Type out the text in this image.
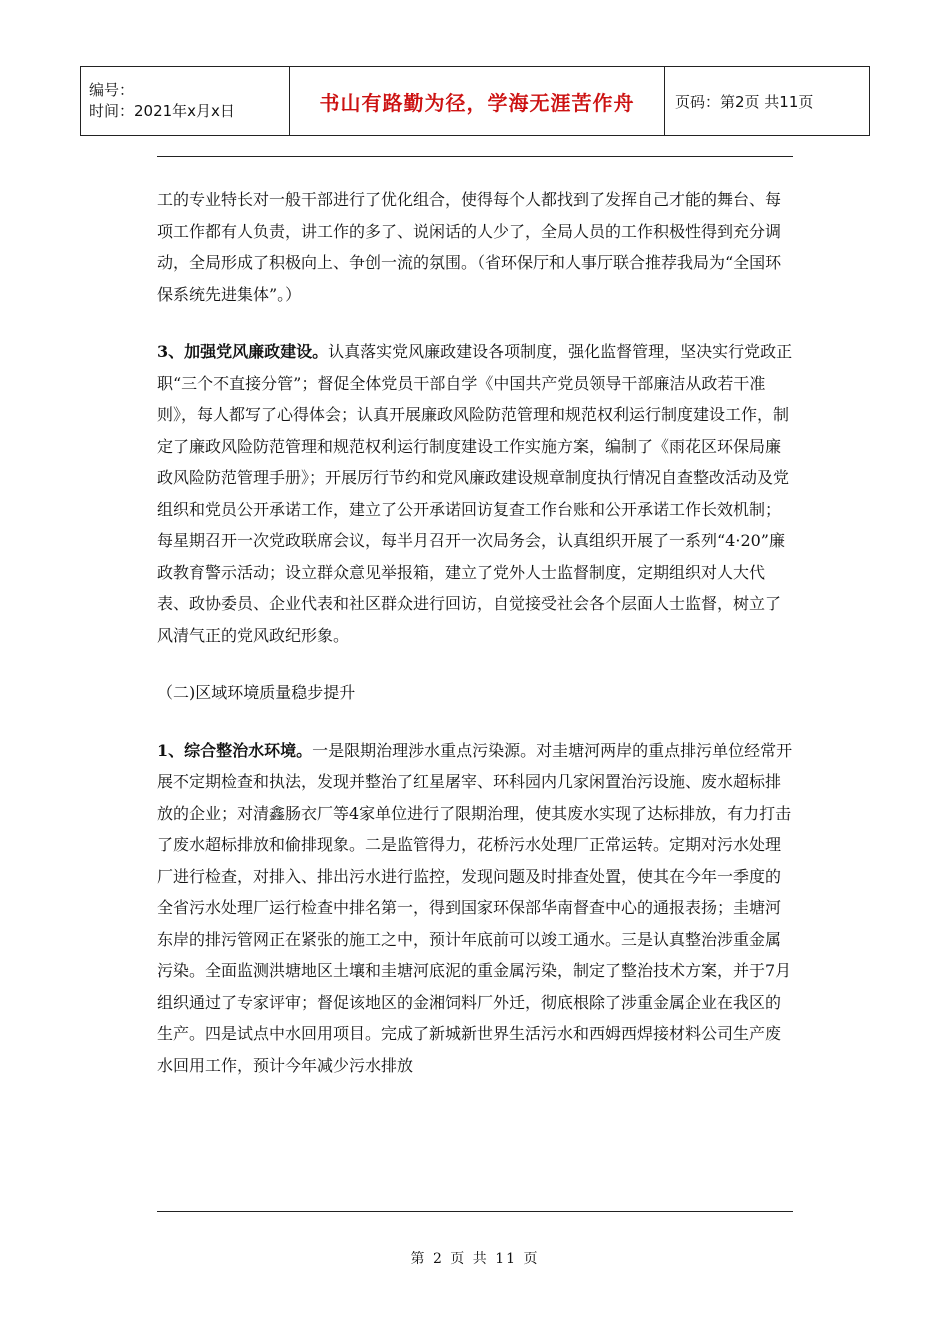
编号：
时间：2021年x月x日	书山有路勤为径，学海无涯苦作舟	页码：第2页 共11页

工的专业特长对一般干部进行了优化组合，使得每个人都找到了发挥自己才能的舞台、每项工作都有人负责，讲工作的多了、说闲话的人少了，全局人员的工作积极性得到充分调动，全局形成了积极向上、争创一流的氛围。（省环保厅和人事厅联合推荐我局为“全国环保系统先进集体”。）

3、加强党风廉政建设。认真落实党风廉政建设各项制度，强化监督管理，坚决实行党政正职“三个不直接分管”；督促全体党员干部自学《中国共产党员领导干部廉洁从政若干准则》，每人都写了心得体会；认真开展廉政风险防范管理和规范权利运行制度建设工作，制定了廉政风险防范管理和规范权利运行制度建设工作实施方案，编制了《雨花区环保局廉政风险防范管理手册》；开展厉行节约和党风廉政建设规章制度执行情况自查整改活动及党组织和党员公开承诺工作，建立了公开承诺回访复查工作台账和公开承诺工作长效机制；每星期召开一次党政联席会议，每半月召开一次局务会，认真组织开展了一系列“4·20”廉政教育警示活动；设立群众意见举报箱，建立了党外人士监督制度，定期组织对人大代表、政协委员、企业代表和社区群众进行回访，自觉接受社会各个层面人士监督，树立了风清气正的党风政纪形象。

（二)区域环境质量稳步提升

1、综合整治水环境。一是限期治理涉水重点污染源。对圭塘河两岸的重点排污单位经常开展不定期检查和执法，发现并整治了红星屠宰、环科园内几家闲置治污设施、废水超标排放的企业；对清鑫肠衣厂等4家单位进行了限期治理，使其废水实现了达标排放，有力打击了废水超标排放和偷排现象。二是监管得力，花桥污水处理厂正常运转。定期对污水处理厂进行检查，对排入、排出污水进行监控，发现问题及时排查处置，使其在今年一季度的全省污水处理厂运行检查中排名第一，得到国家环保部华南督查中心的通报表扬；圭塘河东岸的排污管网正在紧张的施工之中，预计年底前可以竣工通水。三是认真整治涉重金属污染。全面监测洪塘地区土壤和圭塘河底泥的重金属污染，制定了整治技术方案，并于7月组织通过了专家评审；督促该地区的金湘饲料厂外迁，彻底根除了涉重金属企业在我区的生产。四是试点中水回用项目。完成了新城新世界生活污水和西姆西焊接材料公司生产废水回用工作，预计今年减少污水排放

第 2 页 共 11 页
